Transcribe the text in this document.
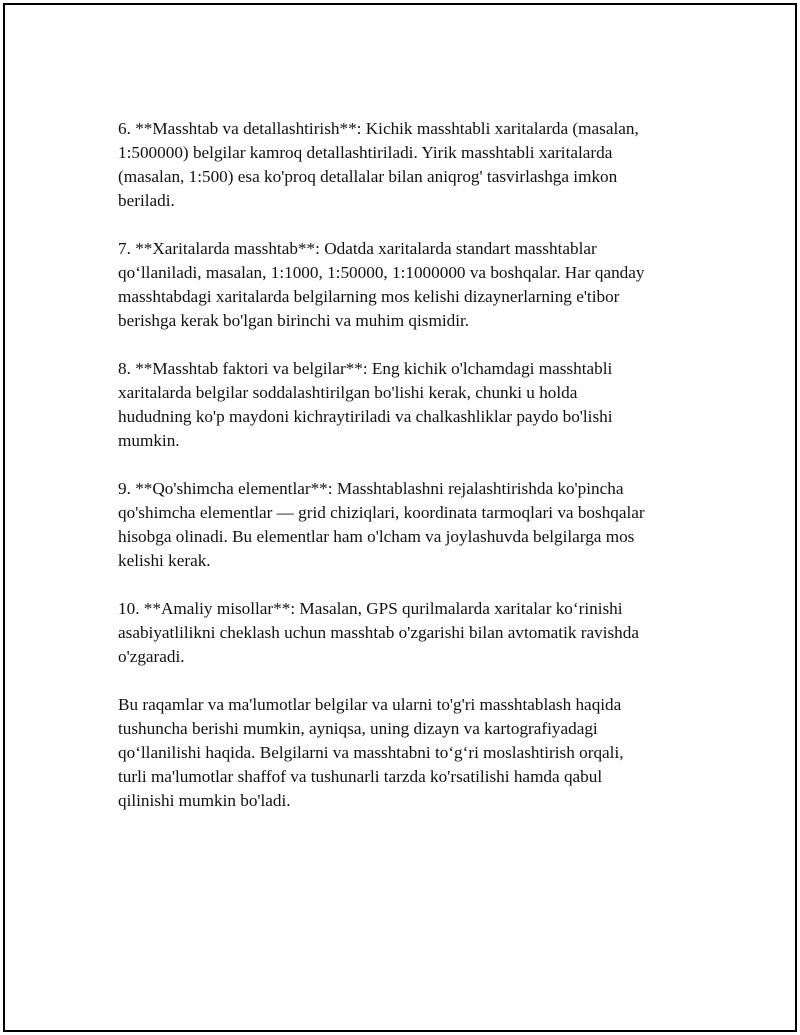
6. **Masshtab va detallashtirish**: Kichik masshtabli xaritalarda (masalan,
1:500000) belgilar kamroq detallashtiriladi. Yirik masshtabli xaritalarda
(masalan, 1:500) esa ko'proq detallalar bilan aniqrog' tasvirlashga imkon
beriladi.

7. **Xaritalarda masshtab**: Odatda xaritalarda standart masshtablar
qo‘llaniladi, masalan, 1:1000, 1:50000, 1:1000000 va boshqalar. Har qanday
masshtabdagi xaritalarda belgilarning mos kelishi dizaynerlarning e'tibor
berishga kerak bo'lgan birinchi va muhim qismidir.

8. **Masshtab faktori va belgilar**: Eng kichik o'lchamdagi masshtabli
xaritalarda belgilar soddalashtirilgan bo'lishi kerak, chunki u holda
hududning ko'p maydoni kichraytiriladi va chalkashliklar paydo bo'lishi
mumkin.

9. **Qo'shimcha elementlar**: Masshtablashni rejalashtirishda ko'pincha
qo'shimcha elementlar — grid chiziqlari, koordinata tarmoqlari va boshqalar
hisobga olinadi. Bu elementlar ham o'lcham va joylashuvda belgilarga mos
kelishi kerak.

10. **Amaliy misollar**: Masalan, GPS qurilmalarda xaritalar ko‘rinishi
asabiyatlilikni cheklash uchun masshtab o'zgarishi bilan avtomatik ravishda
o'zgaradi.

Bu raqamlar va ma'lumotlar belgilar va ularni to'g'ri masshtablash haqida
tushuncha berishi mumkin, ayniqsa, uning dizayn va kartografiyadagi
qo‘llanilishi haqida. Belgilarni va masshtabni to‘g‘ri moslashtirish orqali,
turli ma'lumotlar shaffof va tushunarli tarzda ko'rsatilishi hamda qabul
qilinishi mumkin bo'ladi.
